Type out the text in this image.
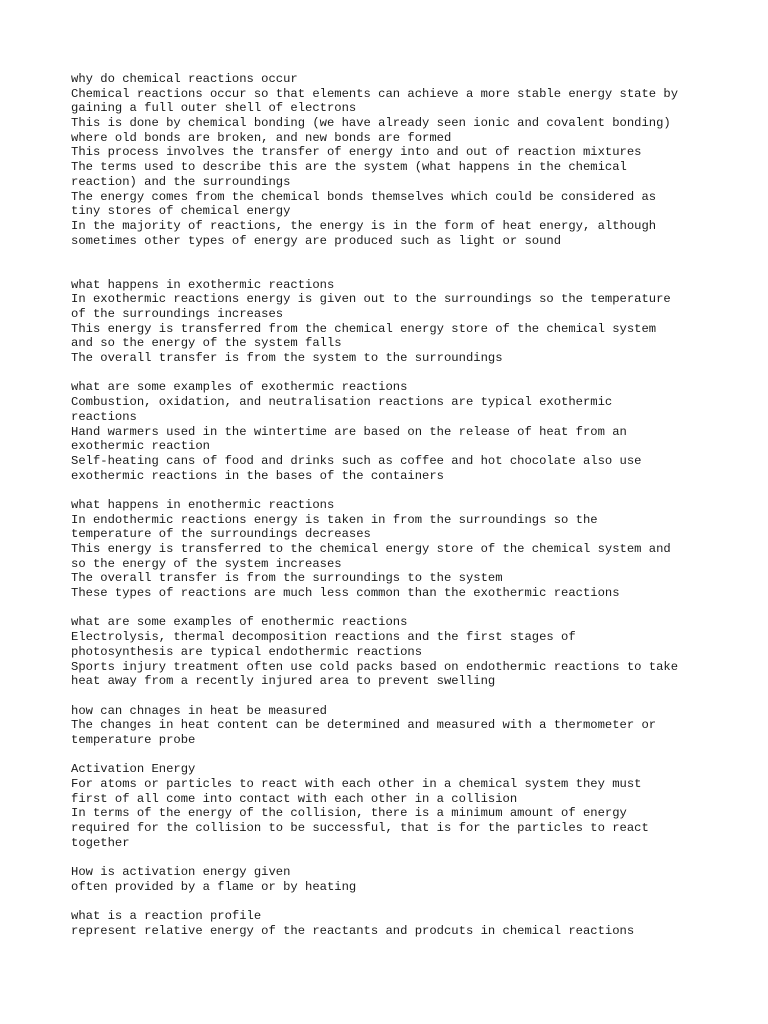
why do chemical reactions occur
Chemical reactions occur so that elements can achieve a more stable energy state by
gaining a full outer shell of electrons
This is done by chemical bonding (we have already seen ionic and covalent bonding)
where old bonds are broken, and new bonds are formed
This process involves the transfer of energy into and out of reaction mixtures
The terms used to describe this are the system (what happens in the chemical
reaction) and the surroundings
The energy comes from the chemical bonds themselves which could be considered as
tiny stores of chemical energy
In the majority of reactions, the energy is in the form of heat energy, although
sometimes other types of energy are produced such as light or sound
what happens in exothermic reactions
In exothermic reactions energy is given out to the surroundings so the temperature
of the surroundings increases
This energy is transferred from the chemical energy store of the chemical system
and so the energy of the system falls
The overall transfer is from the system to the surroundings
what are some examples of exothermic reactions
Combustion, oxidation, and neutralisation reactions are typical exothermic
reactions
Hand warmers used in the wintertime are based on the release of heat from an
exothermic reaction
Self-heating cans of food and drinks such as coffee and hot chocolate also use
exothermic reactions in the bases of the containers
what happens in enothermic reactions
In endothermic reactions energy is taken in from the surroundings so the
temperature of the surroundings decreases
This energy is transferred to the chemical energy store of the chemical system and
so the energy of the system increases
The overall transfer is from the surroundings to the system
These types of reactions are much less common than the exothermic reactions
what are some examples of enothermic reactions
Electrolysis, thermal decomposition reactions and the first stages of
photosynthesis are typical endothermic reactions
Sports injury treatment often use cold packs based on endothermic reactions to take
heat away from a recently injured area to prevent swelling
how can chnages in heat be measured
The changes in heat content can be determined and measured with a thermometer or
temperature probe
Activation Energy
For atoms or particles to react with each other in a chemical system they must
first of all come into contact with each other in a collision
In terms of the energy of the collision, there is a minimum amount of energy
required for the collision to be successful, that is for the particles to react
together
How is activation energy given
often provided by a flame or by heating
what is a reaction profile
represent relative energy of the reactants and prodcuts in chemical reactions
